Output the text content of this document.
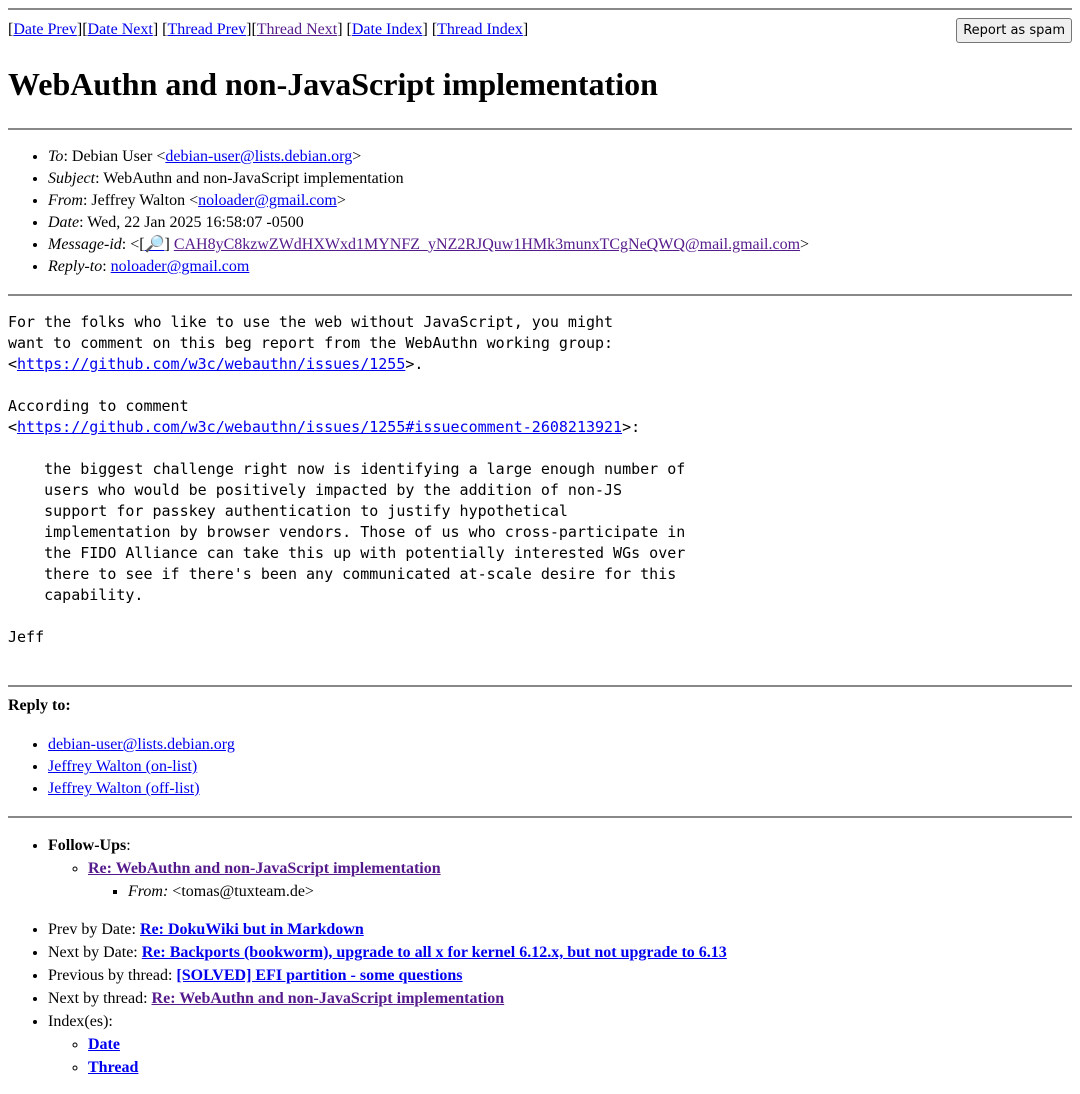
[Date Prev][Date Next] [Thread Prev][Thread Next] [Date Index] [Thread Index]	Report as spam
WebAuthn and non-JavaScript implementation
• To: Debian User <debian-user@lists.debian.org>
• Subject: WebAuthn and non-JavaScript implementation
• From: Jeffrey Walton <noloader@gmail.com>
• Date: Wed, 22 Jan 2025 16:58:07 -0500
• Message-id: <[🔎] CAH8yC8kzwZWdHXWxd1MYNFZ_yNZ2RJQuw1HMk3munxTCgNeQWQ@mail.gmail.com>
• Reply-to: noloader@gmail.com
For the folks who like to use the web without JavaScript, you might
want to comment on this beg report from the WebAuthn working group:
<https://github.com/w3c/webauthn/issues/1255>.

According to comment
<https://github.com/w3c/webauthn/issues/1255#issuecomment-2608213921>:

the biggest challenge right now is identifying a large enough number of
users who would be positively impacted by the addition of non-JS
support for passkey authentication to justify hypothetical
implementation by browser vendors. Those of us who cross-participate in
the FIDO Alliance can take this up with potentially interested WGs over
there to see if there's been any communicated at-scale desire for this
capability.

Jeff
Reply to:
• debian-user@lists.debian.org
• Jeffrey Walton (on-list)
• Jeffrey Walton (off-list)
• Follow-Ups:
◦ Re: WebAuthn and non-JavaScript implementation
▪ From: <tomas@tuxteam.de>
• Prev by Date: Re: DokuWiki but in Markdown
• Next by Date: Re: Backports (bookworm), upgrade to all x for kernel 6.12.x, but not upgrade to 6.13
• Previous by thread: [SOLVED] EFI partition - some questions
• Next by thread: Re: WebAuthn and non-JavaScript implementation
• Index(es):
◦ Date
◦ Thread
